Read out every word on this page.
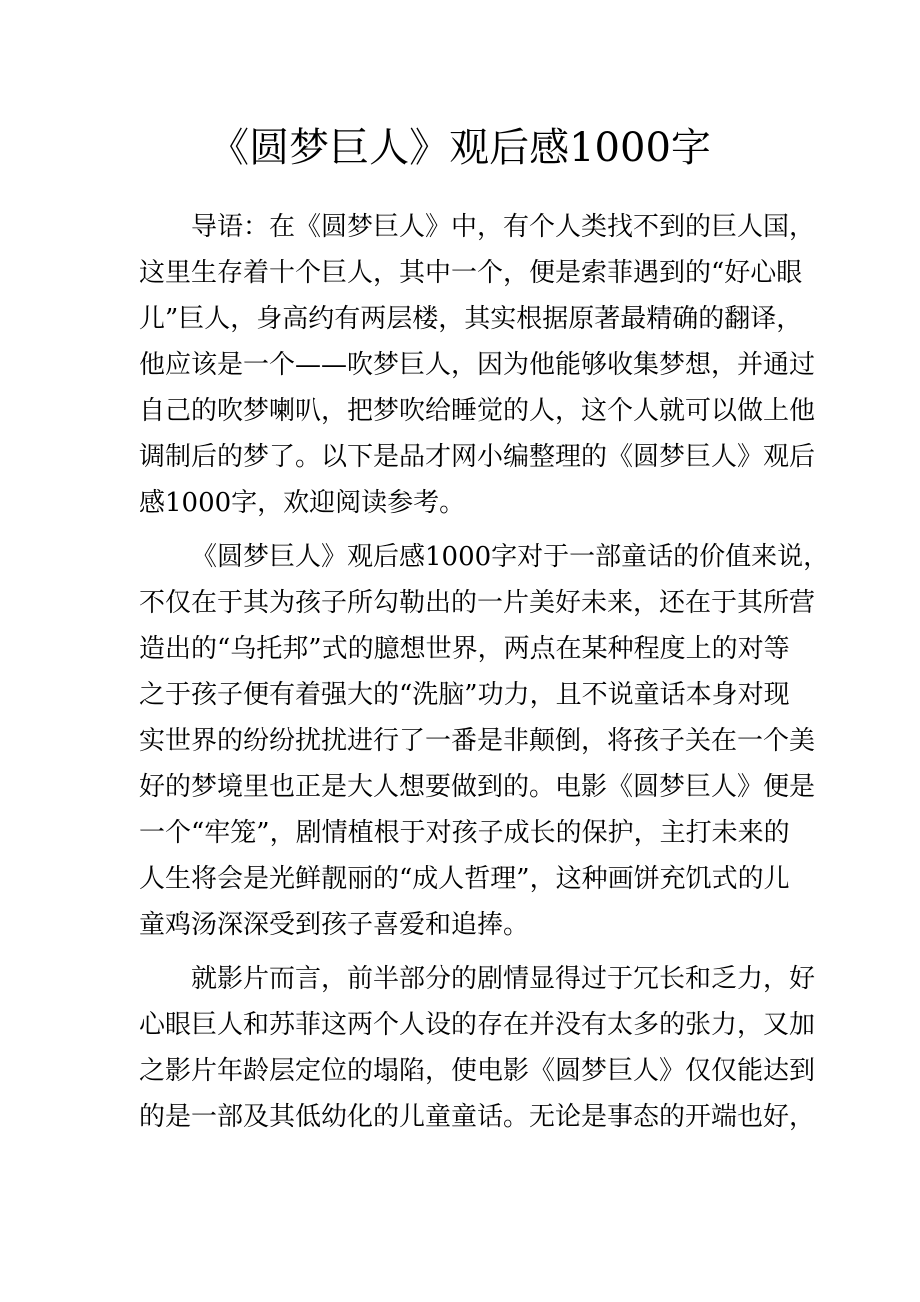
《圆梦巨人》观后感1000字
导语：在《圆梦巨人》中，有个人类找不到的巨人国，
这里生存着十个巨人，其中一个，便是索菲遇到的“好心眼
儿”巨人，身高约有两层楼，其实根据原著最精确的翻译，
他应该是一个——吹梦巨人，因为他能够收集梦想，并通过
自己的吹梦喇叭，把梦吹给睡觉的人，这个人就可以做上他
调制后的梦了。以下是品才网小编整理的《圆梦巨人》观后
感1000字，欢迎阅读参考。
《圆梦巨人》观后感1000字对于一部童话的价值来说，
不仅在于其为孩子所勾勒出的一片美好未来，还在于其所营
造出的“乌托邦”式的臆想世界，两点在某种程度上的对等
之于孩子便有着强大的“洗脑”功力，且不说童话本身对现
实世界的纷纷扰扰进行了一番是非颠倒，将孩子关在一个美
好的梦境里也正是大人想要做到的。电影《圆梦巨人》便是
一个“牢笼”，剧情植根于对孩子成长的保护，主打未来的
人生将会是光鲜靓丽的“成人哲理”，这种画饼充饥式的儿
童鸡汤深深受到孩子喜爱和追捧。
就影片而言，前半部分的剧情显得过于冗长和乏力，好
心眼巨人和苏菲这两个人设的存在并没有太多的张力，又加
之影片年龄层定位的塌陷，使电影《圆梦巨人》仅仅能达到
的是一部及其低幼化的儿童童话。无论是事态的开端也好，
